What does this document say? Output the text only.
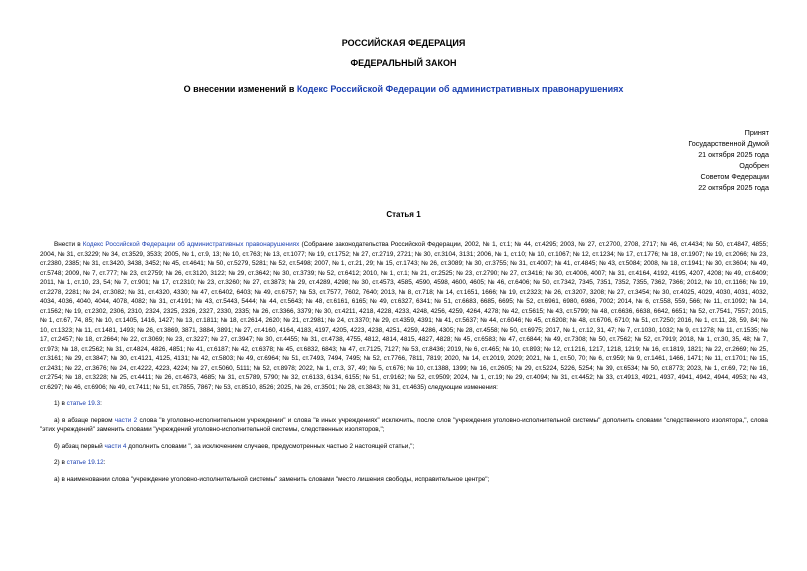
РОССИЙСКАЯ ФЕДЕРАЦИЯ
ФЕДЕРАЛЬНЫЙ ЗАКОН
О внесении изменений в Кодекс Российской Федерации об административных правонарушениях
Принят
Государственной Думой
21 октября 2025 года
Одобрен
Советом Федерации
22 октября 2025 года
Статья 1

Внести в Кодекс Российской Федерации об административных правонарушениях (Собрание законодательства Российской Федерации, 2002, № 1, ст.1; № 44, ст.4295; 2003, № 27, ст.2700, 2708, 2717; № 46, ст.4434; № 50, ст.4847, 4855; 2004, № 31, ст.3229; № 34, ст.3529, 3533; 2005, № 1, ст.9, 13; № 10, ст.763; № 13, ст.1077; № 19, ст.1752; № 27, ст.2719, 2721; № 30, ст.3104, 3131; 2006, № 1, ст.10; № 10, ст.1067; № 12, ст.1234; № 17, ст.1776; № 18, ст.1907; № 19, ст.2066; № 23, ст.2380, 2385; № 31, ст.3420, 3438, 3452; № 45, ст.4641; № 50, ст.5279, 5281; № 52, ст.5498; 2007, № 1, ст.21, 29; № 15, ст.1743; № 26, ст.3089; № 30, ст.3755; № 31, ст.4007; № 41, ст.4845; № 43, ст.5084; 2008, № 18, ст.1941; № 30, ст.3604; № 49, ст.5748; 2009, № 7, ст.777; № 23, ст.2759; № 26, ст.3120, 3122; № 29, ст.3642; № 30, ст.3739; № 52, ст.6412; 2010, № 1, ст.1; № 21, ст.2525; № 23, ст.2790; № 27, ст.3416; № 30, ст.4006, 4007; № 31, ст.4164, 4192, 4195, 4207, 4208; № 49, ст.6409; 2011, № 1, ст.10, 23, 54; № 7, ст.901; № 17, ст.2310; № 23, ст.3260; № 27, ст.3873; № 29, ст.4289, 4298; № 30, ст.4573, 4585, 4590, 4598, 4600, 4605; № 46, ст.6406; № 50, ст.7342, 7345, 7351, 7352, 7355, 7362, 7366; 2012, № 10, ст.1166; № 19, ст.2278, 2281; № 24, ст.3082; № 31, ст.4320, 4330; № 47, ст.6402, 6403; № 49, ст.6757; № 53, ст.7577, 7602, 7640; 2013, № 8, ст.718; № 14, ст.1651, 1666; № 19, ст.2323; № 26, ст.3207, 3208; № 27, ст.3454; № 30, ст.4025, 4029, 4030, 4031, 4032, 4034, 4036, 4040, 4044, 4078, 4082; № 31, ст.4191; № 43, ст.5443, 5444; № 44, ст.5643; № 48, ст.6161, 6165; № 49, ст.6327, 6341; № 51, ст.6683, 6685, 6695; № 52, ст.6961, 6980, 6986, 7002; 2014, № 6, ст.558, 559, 566; № 11, ст.1092; № 14, ст.1562; № 19, ст.2302, 2306, 2310, 2324, 2325, 2326, 2327, 2330, 2335; № 26, ст.3366, 3379; № 30, ст.4211, 4218, 4228, 4233, 4248, 4256, 4259, 4264, 4278; № 42, ст.5615; № 43, ст.5799; № 48, ст.6636, 6638, 6642, 6651; № 52, ст.7541, 7557; 2015, № 1, ст.67, 74, 85; № 10, ст.1405, 1416, 1427; № 13, ст.1811; № 18, ст.2614, 2620; № 21, ст.2981; № 24, ст.3370; № 29, ст.4359, 4391; № 41, ст.5637; № 44, ст.6046; № 45, ст.6208; № 48, ст.6706, 6710; № 51, ст.7250; 2016, № 1, ст.11, 28, 59, 84; № 10, ст.1323; № 11, ст.1481, 1493; № 26, ст.3869, 3871, 3884, 3891; № 27, ст.4160, 4164, 4183, 4197, 4205, 4223, 4238, 4251, 4259, 4286, 4305; № 28, ст.4558; № 50, ст.6975; 2017, № 1, ст.12, 31, 47; № 7, ст.1030, 1032; № 9, ст.1278; № 11, ст.1535; № 17, ст.2457; № 18, ст.2664; № 22, ст.3069; № 23, ст.3227; № 27, ст.3947; № 30, ст.4455; № 31, ст.4738, 4755, 4812, 4814, 4815, 4827, 4828; № 45, ст.6583; № 47, ст.6844; № 49, ст.7308; № 50, ст.7562; № 52, ст.7919; 2018, № 1, ст.30, 35, 48; № 7, ст.973; № 18, ст.2562; № 31, ст.4824, 4826, 4851; № 41, ст.6187; № 42, ст.6378; № 45, ст.6832, 6843; № 47, ст.7125, 7127; № 53, ст.8436; 2019, № 6, ст.465; № 10, ст.893; № 12, ст.1216, 1217, 1218, 1219; № 16, ст.1819, 1821; № 22, ст.2669; № 25, ст.3161; № 29, ст.3847; № 30, ст.4121, 4125, 4131; № 42, ст.5803; № 49, ст.6964; № 51, ст.7493, 7494, 7495; № 52, ст.7766, 7811, 7819; 2020, № 14, ст.2019, 2029; 2021, № 1, ст.50, 70; № 6, ст.959; № 9, ст.1461, 1466, 1471; № 11, ст.1701; № 15, ст.2431; № 22, ст.3676; № 24, ст.4222, 4223, 4224; № 27, ст.5060, 5111; № 52, ст.8978; 2022, № 1, ст.3, 37, 49; № 5, ст.676; № 10, ст.1388, 1399; № 16, ст.2605; № 29, ст.5224, 5226, 5254; № 39, ст.6534; № 50, ст.8773; 2023, № 1, ст.69, 72; № 16, ст.2754; № 18, ст.3228; № 25, ст.4411; № 26, ст.4673, 4685; № 31, ст.5789, 5790; № 32, ст.6133, 6134, 6155; № 51, ст.9162; № 52, ст.9509; 2024, № 1, ст.19; № 29, ст.4094; № 31, ст.4452; № 33, ст.4913, 4921, 4937, 4941, 4942, 4944, 4953; № 43, ст.6297; № 46, ст.6906; № 49, ст.7411; № 51, ст.7855, 7867; № 53, ст.8510, 8526; 2025, № 26, ст.3501; № 28, ст.3843; № 31, ст.4635) следующие изменения:

1) в статье 19.3:

а) в абзаце первом части 2 слова "в уголовно-исполнительном учреждении" и слова "в иных учреждениях" исключить, после слов "учреждения уголовно-исполнительной системы" дополнить словами "следственного изолятора,", слова "этих учреждений" заменить словами "учреждений уголовно-исполнительной системы, следственных изоляторов,";

б) абзац первый части 4 дополнить словами ", за исключением случаев, предусмотренных частью 2 настоящей статьи,";

2) в статье 19.12:

а) в наименовании слова "учреждение уголовно-исполнительной системы" заменить словами "место лишения свободы, исправительное центре";
